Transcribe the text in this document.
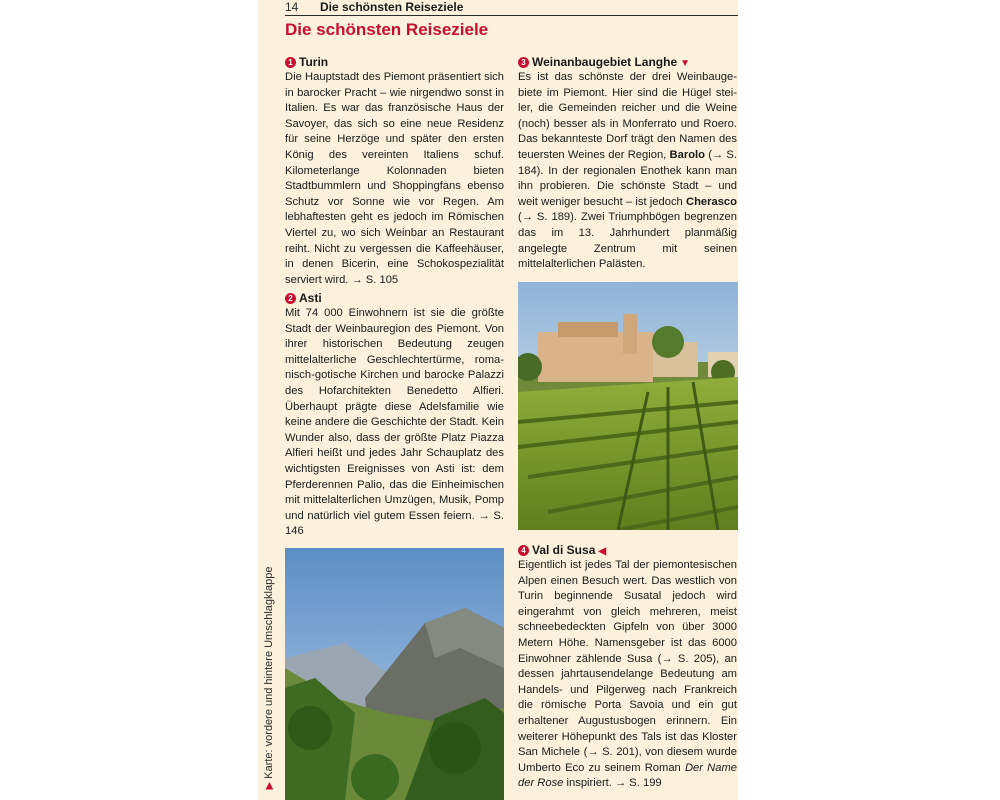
▶Karte: vordere und hintere Umschlagklappe
14 Die schönsten Reiseziele
Die schönsten Reiseziele
1 Turin
Die Hauptstadt des Piemont präsentiert sich in barocker Pracht – wie nirgendwo sonst in Italien. Es war das französische Haus der Savoyer, das sich so eine neue Residenz für seine Herzöge und später den ersten König des vereinten Italiens schuf. Kilometerlange Kolonnaden bieten Stadtbummlern und Shoppingfans ebenso Schutz vor Sonne wie vor Regen. Am lebhaftesten geht es jedoch im Römischen Viertel zu, wo sich Weinbar an Restaurant reiht. Nicht zu vergessen die Kaffeehäuser, in denen Bicerin, eine Schokospezialität serviert wird. → S. 105
2 Asti
Mit 74 000 Einwohnern ist sie die größte Stadt der Weinbauregion des Piemont. Von ihrer historischen Bedeutung zeugen mittelalterliche Geschlechtertürme, romanisch-gotische Kirchen und barocke Palazzi des Hofarchitekten Benedetto Alfieri. Überhaupt prägte diese Adelsfamilie wie keine andere die Geschichte der Stadt. Kein Wunder also, dass der größte Platz Piazza Alfieri heißt und jedes Jahr Schauplatz des wichtigsten Ereignisses von Asti ist: dem Pferderennen Palio, das die Einheimischen mit mittelalterlichen Umzügen, Musik, Pomp und natürlich viel gutem Essen feiern. → S. 146
3 Weinanbaugebiet Langhe ▼
Es ist das schönste der drei Weinbaugebiete im Piemont. Hier sind die Hügel steiler, die Gemeinden reicher und die Weine (noch) besser als in Monferrato und Roero. Das bekannteste Dorf trägt den Namen des teuersten Weines der Region, Barolo (→ S. 184). In der regionalen Enothek kann man ihn probieren. Die schönste Stadt – und weit weniger besucht – ist jedoch Cherasco (→ S. 189). Zwei Triumphbögen begrenzen das im 13. Jahrhundert planmäßig angelegte Zentrum mit seinen mittelalterlichen Palästen.
4 Val di Susa ◀
Eigentlich ist jedes Tal der piemontesischen Alpen einen Besuch wert. Das westlich von Turin beginnende Susatal jedoch wird eingerahmt von gleich mehreren, meist schneebedeckten Gipfeln von über 3000 Metern Höhe. Namensgeber ist das 6000 Einwohner zählende Susa (→ S. 205), an dessen jahrtausendelange Bedeutung am Handels- und Pilgerweg nach Frankreich die römische Porta Savoia und ein gut erhaltener Augustusbogen erinnern. Ein weiterer Höhepunkt des Tals ist das Kloster San Michele (→ S. 201), von diesem wurde Umberto Eco zu seinem Roman Der Name der Rose inspiriert. → S. 199
